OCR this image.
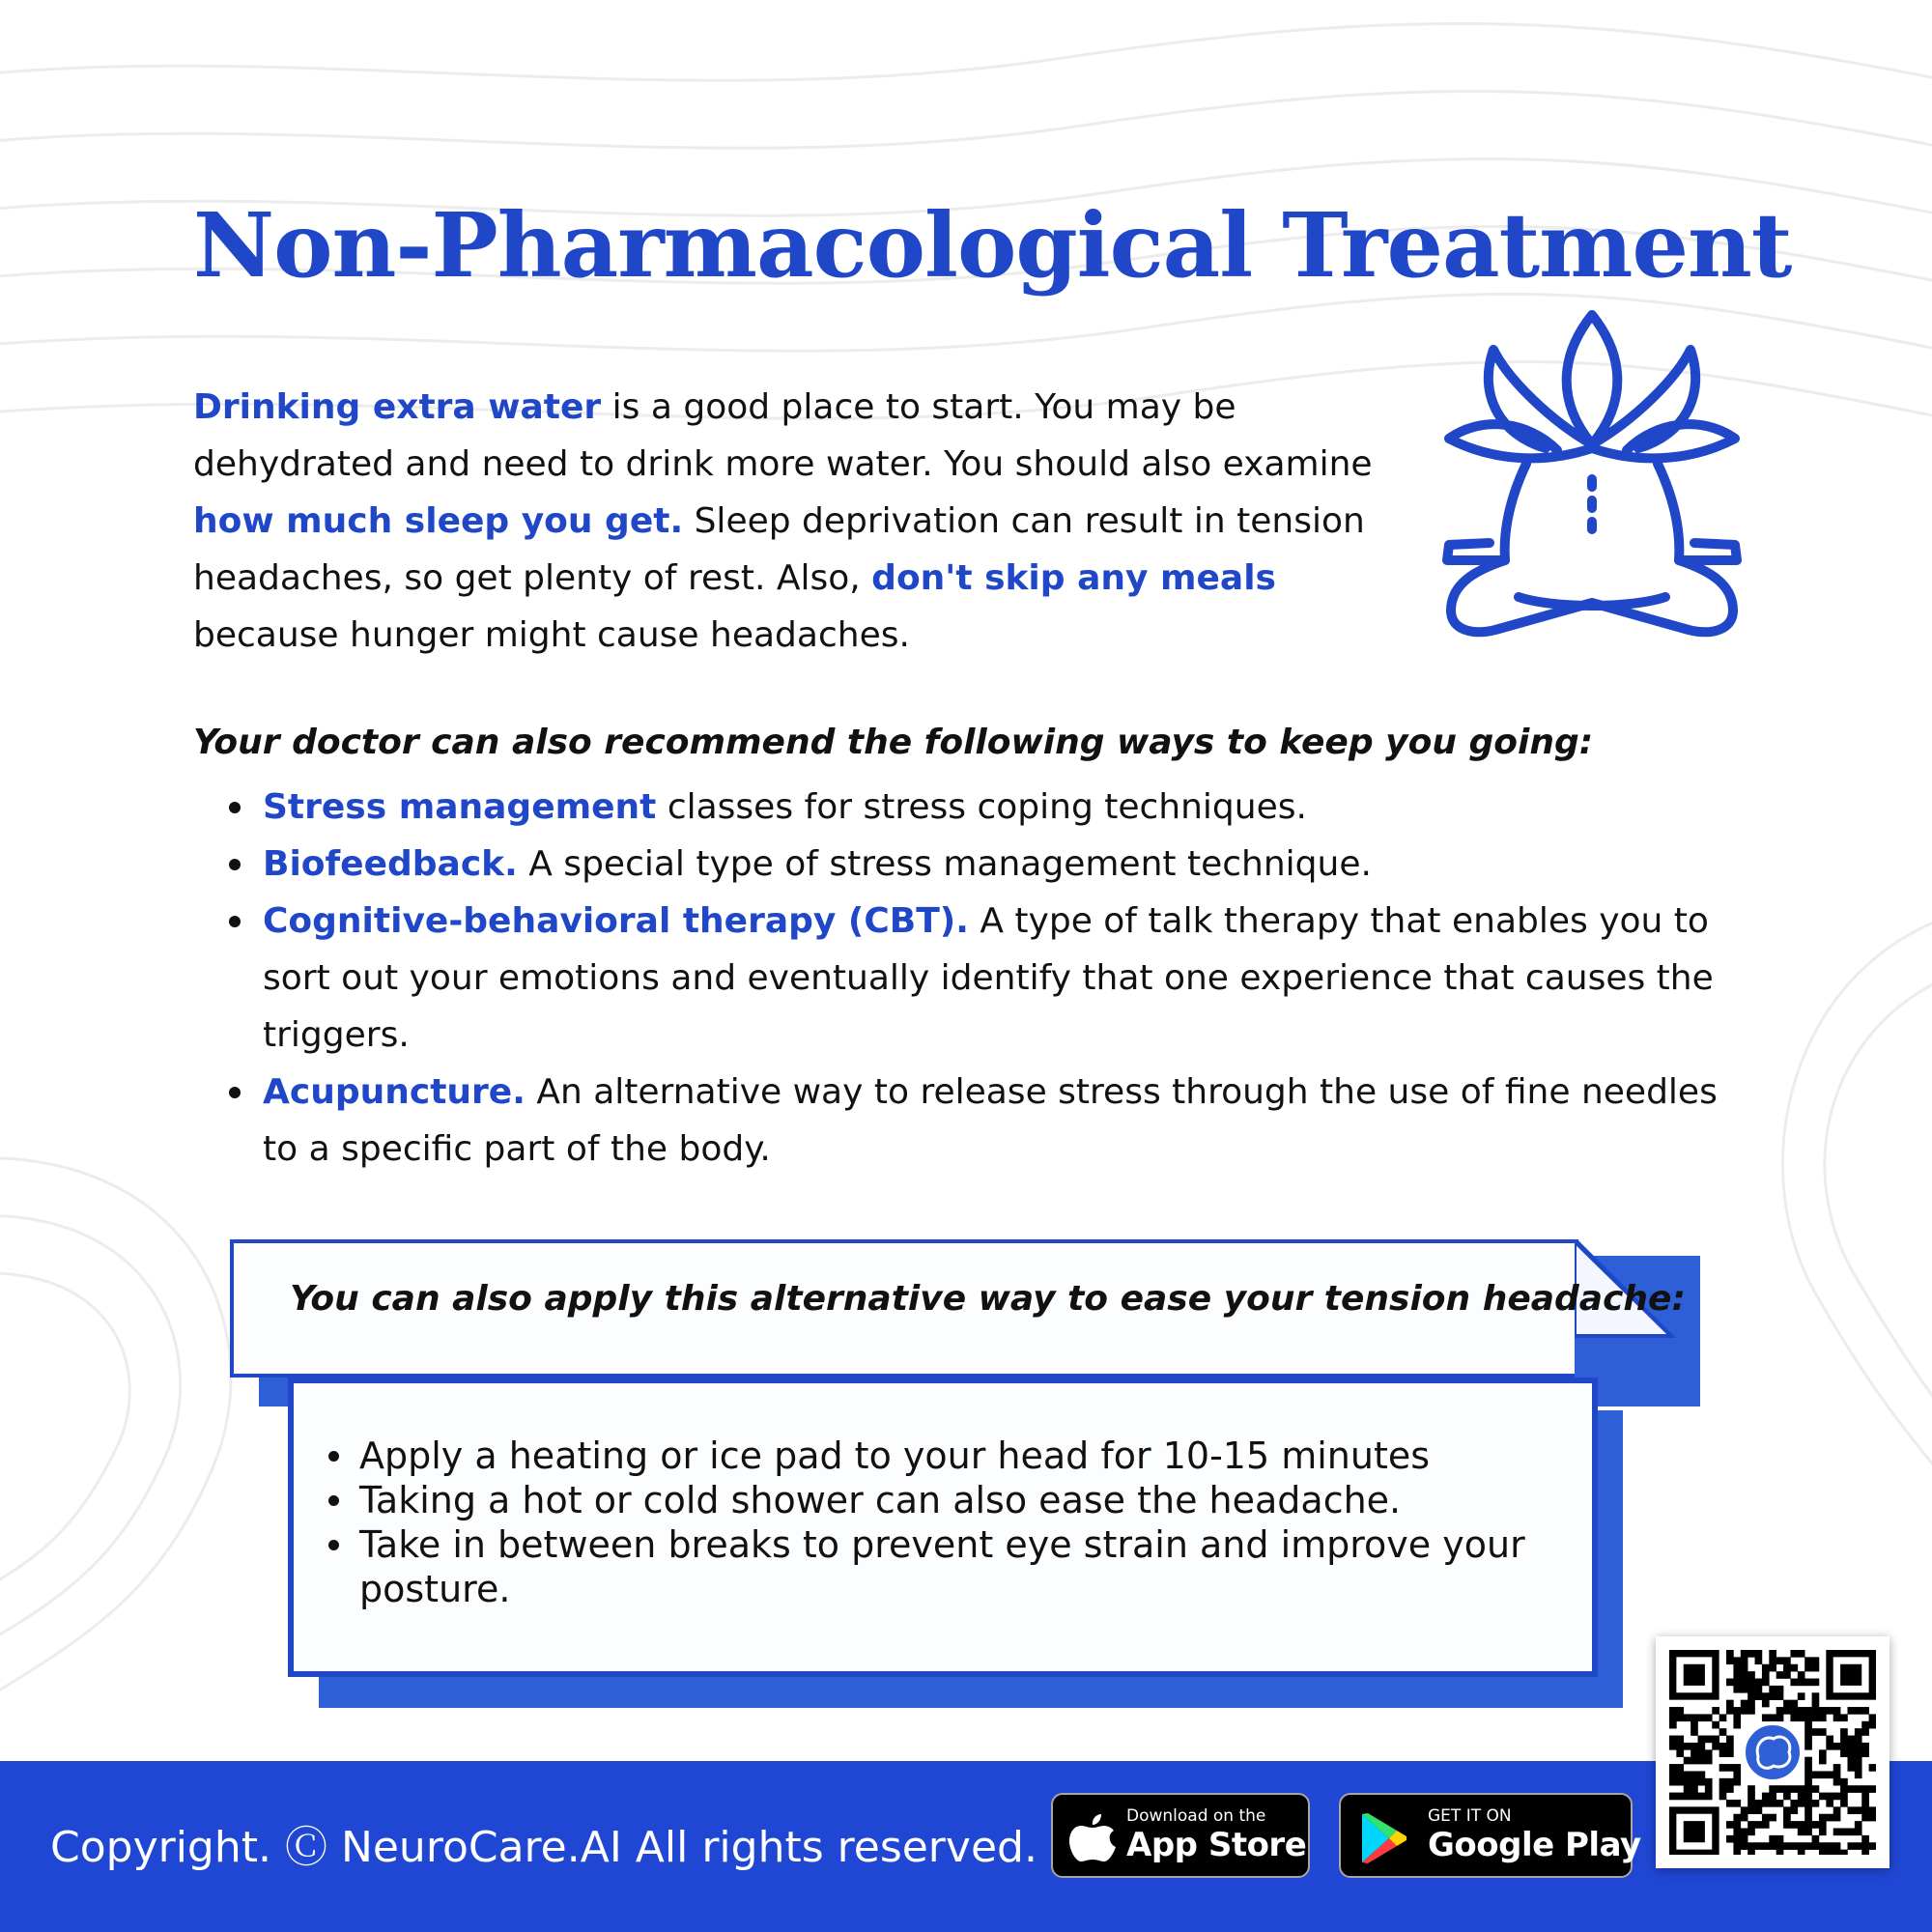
Non-Pharmacological Treatment

Drinking extra water is a good place to start. You may be dehydrated and need to drink more water. You should also examine how much sleep you get. Sleep deprivation can result in tension headaches, so get plenty of rest. Also, don't skip any meals because hunger might cause headaches.

Your doctor can also recommend the following ways to keep you going:

Stress management classes for stress coping techniques.
Biofeedback. A special type of stress management technique.
Cognitive-behavioral therapy (CBT). A type of talk therapy that enables you to sort out your emotions and eventually identify that one experience that causes the triggers.
Acupuncture. An alternative way to release stress through the use of fine needles to a specific part of the body.

You can also apply this alternative way to ease your tension headache:

Apply a heating or ice pad to your head for 10-15 minutes
Taking a hot or cold shower can also ease the headache.
Take in between breaks to prevent eye strain and improve your posture.

Copyright. Ⓒ NeuroCare.AI All rights reserved.

Download on the
App Store
GET IT ON
Google Play
